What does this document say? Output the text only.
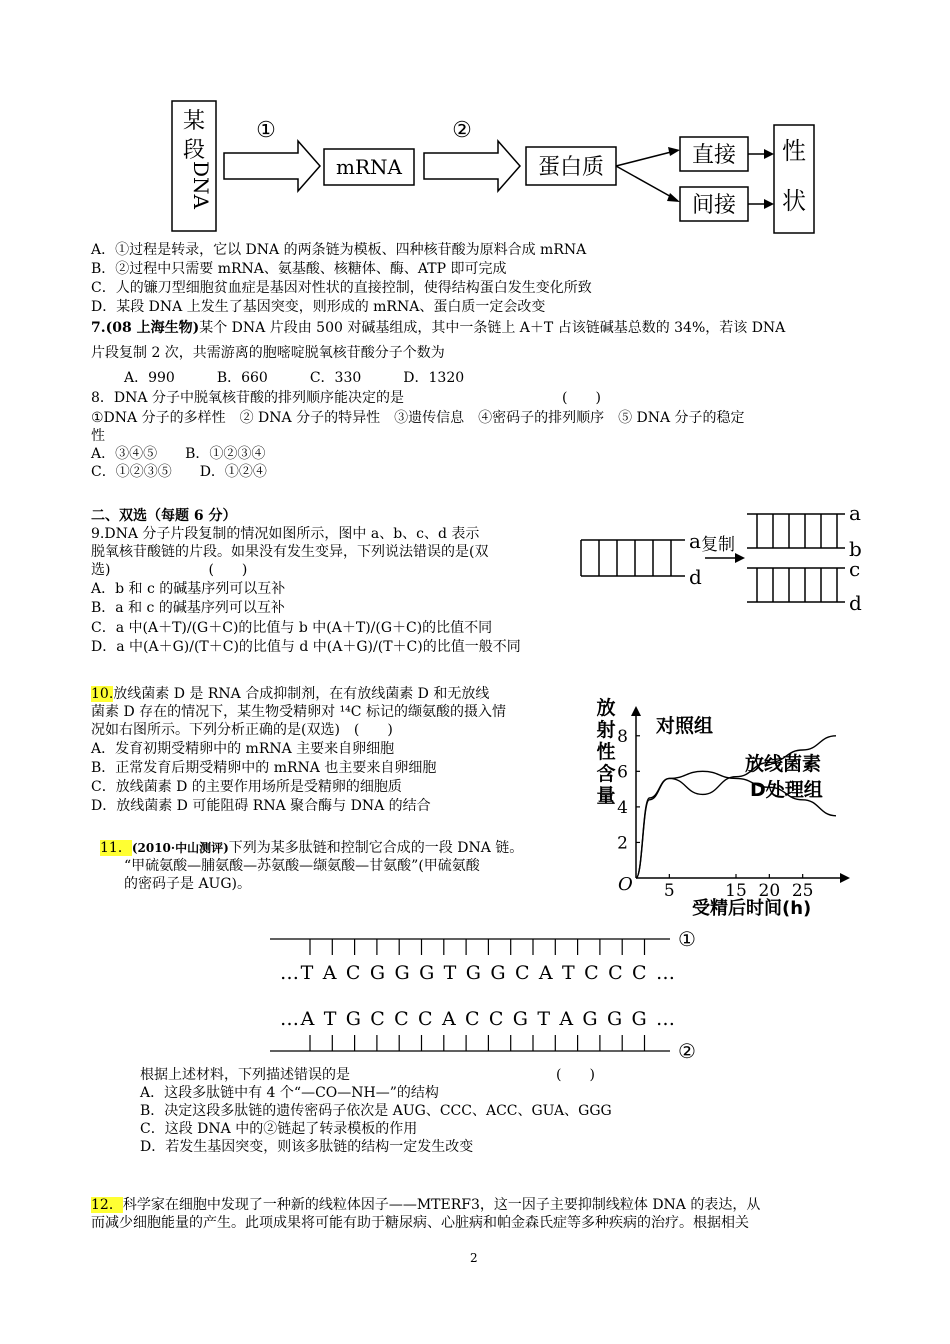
某
段
DNA
①
mRNA
②
蛋白质	直接
间接
性
状
A．①过程是转录，它以 DNA 的两条链为模板、四种核苷酸为原料合成 mRNA
B．②过程中只需要 mRNA、氨基酸、核糖体、酶、ATP 即可完成
C．人的镰刀型细胞贫血症是基因对性状的直接控制，使得结构蛋白发生变化所致
D．某段 DNA 上发生了基因突变，则形成的 mRNA、蛋白质一定会改变
7.(08 上海生物)某个 DNA 片段由 500 对碱基组成，其中一条链上 A＋T 占该链碱基总数的 34%，若该 DNA
片段复制 2 次，共需游离的胞嘧啶脱氧核苷酸分子个数为
A．990　　　B．660　　　C．330　　　D．1320
8．DNA 分子中脱氧核苷酸的排列顺序能决定的是	(　　)
①DNA 分子的多样性　② DNA 分子的特异性　③遗传信息　④密码子的排列顺序　⑤ DNA 分子的稳定
性
A．③④⑤　　B．①②③④
C．①②③⑤　　D．①②④
二、双选（每题 6 分）
9.DNA 分子片段复制的情况如图所示，图中 a、b、c、d 表示
脱氧核苷酸链的片段。如果没有发生变异，下列说法错误的是(双
选)　　　　　　　(　　)
A．b 和 c 的碱基序列可以互补
B．a 和 c 的碱基序列可以互补
C．a 中(A＋T)/(G＋C)的比值与 b 中(A＋T)/(G＋C)的比值不同
D．a 中(A＋G)/(T＋C)的比值与 d 中(A＋G)/(T＋C)的比值一般不同
a
d
复制
a
b
c
d
10.放线菌素 D 是 RNA 合成抑制剂，在有放线菌素 D 和无放线
菌素 D 存在的情况下，某生物受精卵对 ¹⁴C 标记的缬氨酸的摄入情
况如右图所示。下列分析正确的是(双选)　(　　)
A．发育初期受精卵中的 mRNA 主要来自卵细胞
B．正常发育后期受精卵中的 mRNA 也主要来自卵细胞
C．放线菌素 D 的主要作用场所是受精卵的细胞质
D．放线菌素 D 可能阻碍 RNA 聚合酶与 DNA 的结合
放
射
性
含
量
2
4
6
8
5	15 20 25
对照组
放线菌素
D处理组
受精后时间(h)
O
11．(2010·中山测评)下列为某多肽链和控制它合成的一段 DNA 链。
“甲硫氨酸—脯氨酸—苏氨酸—缬氨酸—甘氨酸”(甲硫氨酸
的密码子是 AUG)。
①
…T A C G G G T G G C A T C C C …
…A T G C C C A C C G T A G G G …
②
根据上述材料，下列描述错误的是	(　　)
A．这段多肽链中有 4 个“—CO—NH—”的结构
B．决定这段多肽链的遗传密码子依次是 AUG、CCC、ACC、GUA、GGG
C．这段 DNA 中的②链起了转录模板的作用
D．若发生基因突变，则该多肽链的结构一定发生改变
12．科学家在细胞中发现了一种新的线粒体因子——MTERF3，这一因子主要抑制线粒体 DNA 的表达，从
而减少细胞能量的产生。此项成果将可能有助于糖尿病、心脏病和帕金森氏症等多种疾病的治疗。根据相关
2
